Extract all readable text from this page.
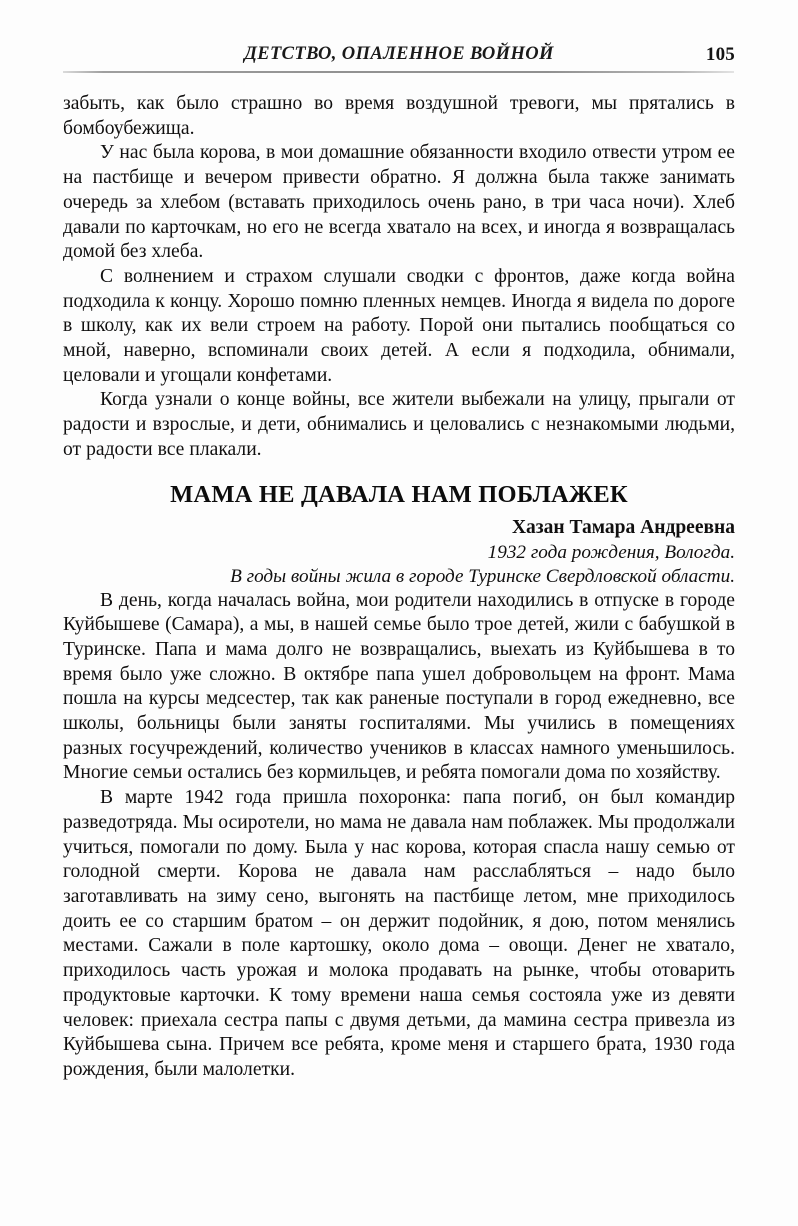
ДЕТСТВО, ОПАЛЕННОЕ ВОЙНОЙ	105

забыть, как было страшно во время воздушной тревоги, мы прятались в бомбоубежища.

У нас была корова, в мои домашние обязанности входило отвести утром ее на пастбище и вечером привести обратно. Я должна была также занимать очередь за хлебом (вставать приходилось очень рано, в три часа ночи). Хлеб давали по карточкам, но его не всегда хватало на всех, и иногда я возвращалась домой без хлеба.

С волнением и страхом слушали сводки с фронтов, даже когда война подходила к концу. Хорошо помню пленных немцев. Иногда я видела по дороге в школу, как их вели строем на работу. Порой они пытались пообщаться со мной, наверно, вспоминали своих детей. А если я подходила, обнимали, целовали и угощали конфетами.

Когда узнали о конце войны, все жители выбежали на улицу, прыгали от радости и взрослые, и дети, обнимались и целовались с незнакомыми людьми, от радости все плакали.

МАМА НЕ ДАВАЛА НАМ ПОБЛАЖЕК

Хазан Тамара Андреевна

1932 года рождения, Вологда.

В годы войны жила в городе Туринске Свердловской области.

В день, когда началась война, мои родители находились в отпуске в городе Куйбышеве (Самара), а мы, в нашей семье было трое детей, жили с бабушкой в Туринске. Папа и мама долго не возвращались, выехать из Куйбышева в то время было уже сложно. В октябре папа ушел добровольцем на фронт. Мама пошла на курсы медсестер, так как раненые поступали в город ежедневно, все школы, больницы были заняты госпиталями. Мы учились в помещениях разных госучреждений, количество учеников в классах намного уменьшилось. Многие семьи остались без кормильцев, и ребята помогали дома по хозяйству.

В марте 1942 года пришла похоронка: папа погиб, он был командир разведотряда. Мы осиротели, но мама не давала нам поблажек. Мы продолжали учиться, помогали по дому. Была у нас корова, которая спасла нашу семью от голодной смерти. Корова не давала нам расслабляться – надо было заготавливать на зиму сено, выгонять на пастбище летом, мне приходилось доить ее со старшим братом – он держит подойник, я дою, потом менялись местами. Сажали в поле картошку, около дома – овощи. Денег не хватало, приходилось часть урожая и молока продавать на рынке, чтобы отоварить продуктовые карточки. К тому времени наша семья состояла уже из девяти человек: приехала сестра папы с двумя детьми, да мамина сестра привезла из Куйбышева сына. Причем все ребята, кроме меня и старшего брата, 1930 года рождения, были малолетки.
